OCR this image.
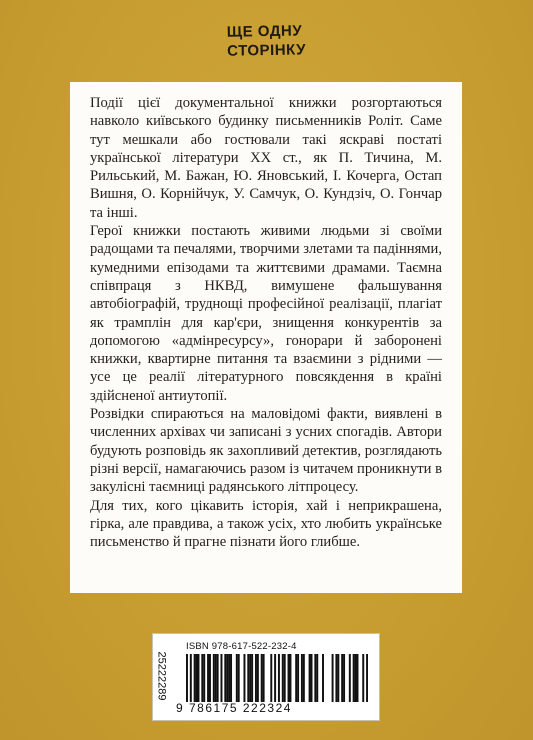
ЩЕ ОДНУ
СТОРІНКУ

Події цієї документальної книжки розгортаються навколо київського будинку письменників Роліт. Саме тут мешкали або гостювали такі яскраві постаті української літератури ХХ ст., як П. Тичина, М. Рильський, М. Бажан, Ю. Яновський, І. Кочерга, Остап Вишня, О. Корнійчук, У. Самчук, О. Кундзіч, О. Гончар та інші.

Герої книжки постають живими людьми зі своїми радощами та печалями, творчими злетами та падіннями, кумедними епізодами та життєвими драмами. Таємна співпраця з НКВД, вимушене фальшування автобіографій, труднощі професійної реалізації, плагіат як трамплін для кар'єри, знищення конкурентів за допомогою «адмінресурсу», гонорари й заборонені книжки, квартирне питання та взаємини з рідними — усе це реалії літературного повсякдення в країні здійсненої антиутопії.

Розвідки спираються на маловідомі факти, виявлені в численних архівах чи записані з усних спогадів. Автори будують розповідь як захопливий детектив, розглядають різні версії, намагаючись разом із читачем проникнути в закулісні таємниці радянського літпроцесу.

Для тих, кого цікавить історія, хай і неприкрашена, гірка, але правдива, а також усіх, хто любить українське письменство й прагне пізнати його глибше.

25222289
ISBN 978-617-522-232-4
9 786175 222324
